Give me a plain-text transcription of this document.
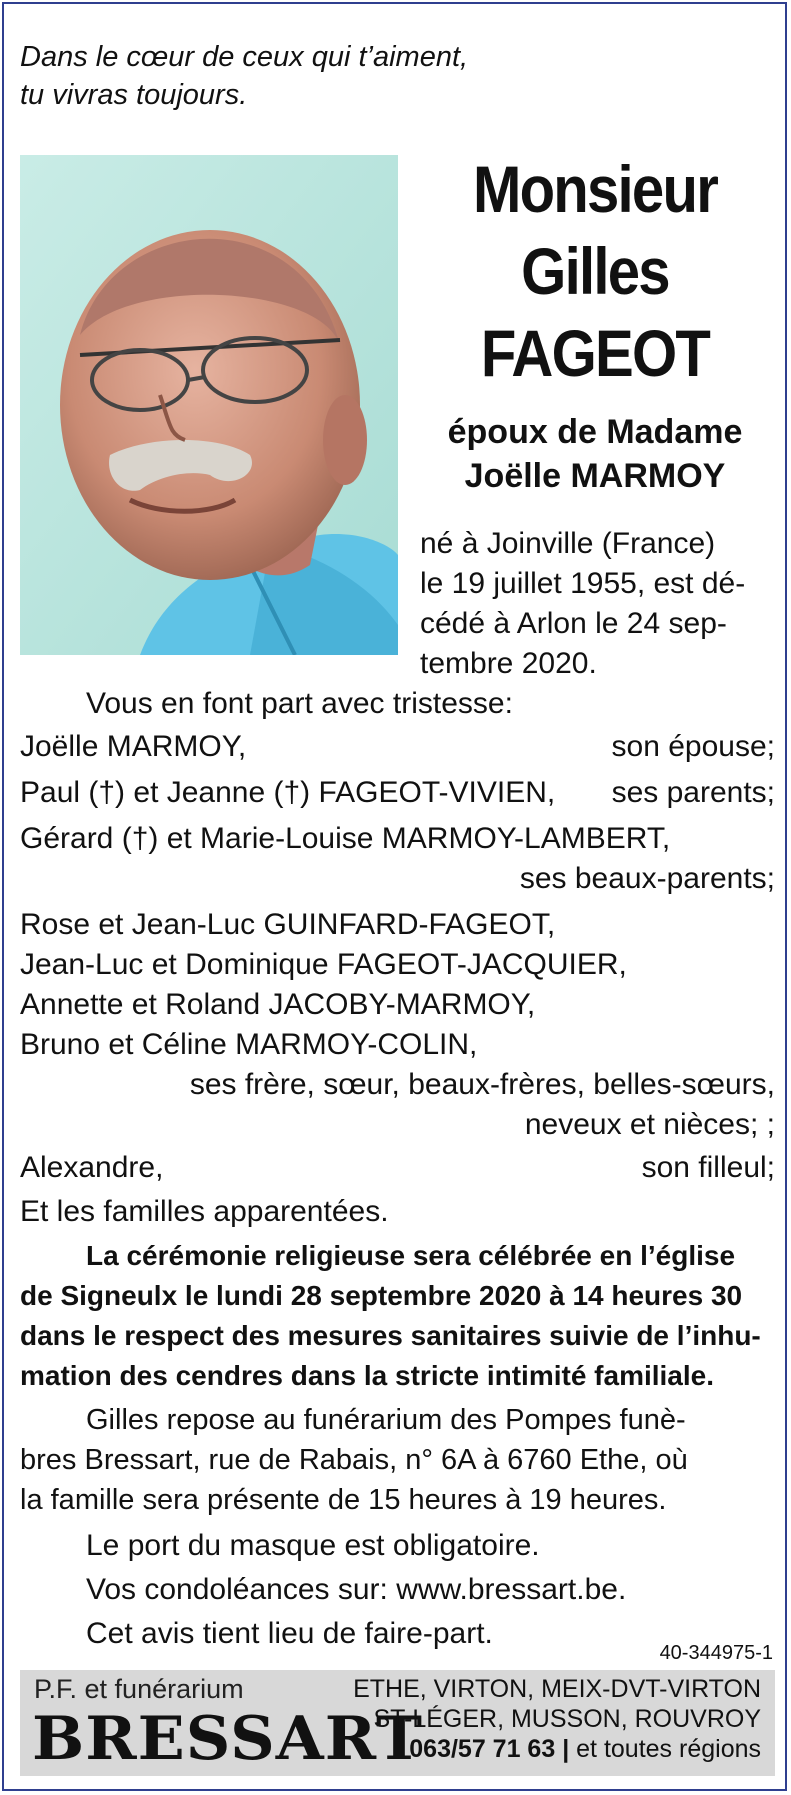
Dans le cœur de ceux qui t’aiment,
tu vivras toujours.
Monsieur
Gilles
FAGEOT
époux de Madame
Joëlle MARMOY
né à Joinville (France)
le 19 juillet 1955, est dé-
cédé à Arlon le 24 sep-
tembre 2020.
Vous en font part avec tristesse:
Joëlle MARMOY,	son épouse;
Paul (†) et Jeanne (†) FAGEOT-VIVIEN, ses parents;
Gérard (†) et Marie-Louise MARMOY-LAMBERT,
ses beaux-parents;
Rose et Jean-Luc GUINFARD-FAGEOT,
Jean-Luc et Dominique FAGEOT-JACQUIER,
Annette et Roland JACOBY-MARMOY,
Bruno et Céline MARMOY-COLIN,
ses frère, sœur, beaux-frères, belles-sœurs,
neveux et nièces; ;
Alexandre,	son filleul;
Et les familles apparentées.
La cérémonie religieuse sera célébrée en l’église
de Signeulx le lundi 28 septembre 2020 à 14 heures 30
dans le respect des mesures sanitaires suivie de l’inhu-
mation des cendres dans la stricte intimité familiale.
Gilles repose au funérarium des Pompes funè-
bres Bressart, rue de Rabais, n° 6A à 6760 Ethe, où
la famille sera présente de 15 heures à 19 heures.
Le port du masque est obligatoire.
Vos condoléances sur: www.bressart.be.
Cet avis tient lieu de faire-part.
40-344975-1
P.F. et funérarium
BRESSART
ETHE, VIRTON, MEIX-DVT-VIRTON
ST-LÉGER, MUSSON, ROUVROY
063/57 71 63 | et toutes régions
